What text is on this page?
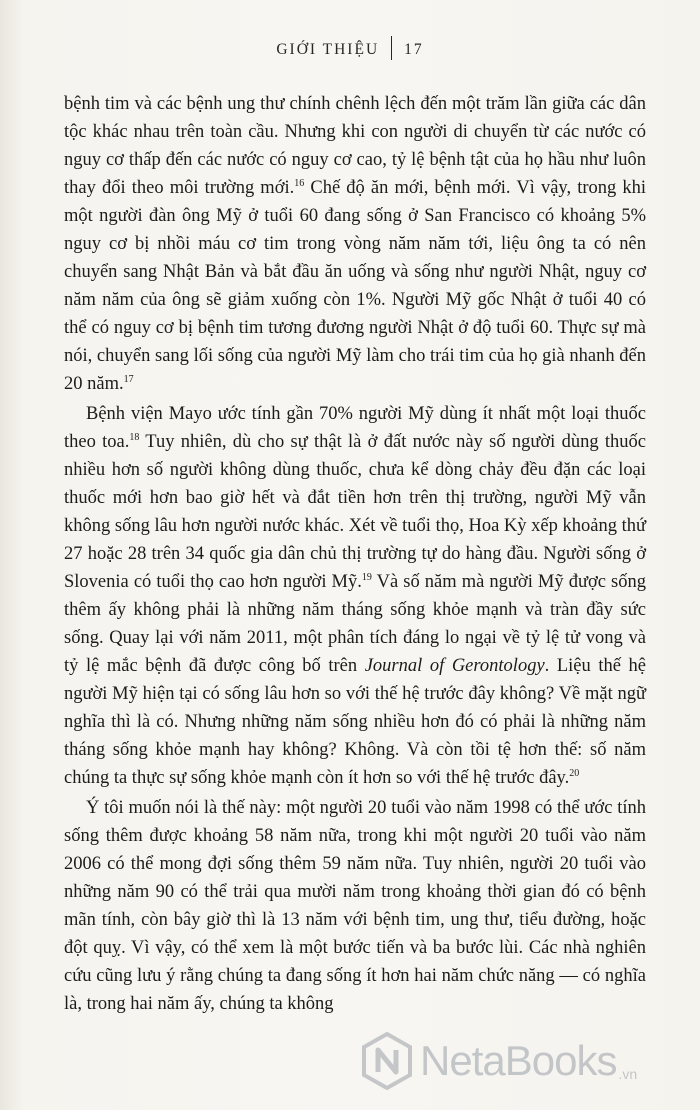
GIỚI THIỆU 17

bệnh tim và các bệnh ung thư chính chênh lệch đến một trăm lần giữa các dân tộc khác nhau trên toàn cầu. Nhưng khi con người di chuyển từ các nước có nguy cơ thấp đến các nước có nguy cơ cao, tỷ lệ bệnh tật của họ hầu như luôn thay đổi theo môi trường mới.$^{16}$ Chế độ ăn mới, bệnh mới. Vì vậy, trong khi một người đàn ông Mỹ ở tuổi 60 đang sống ở San Francisco có khoảng 5% nguy cơ bị nhồi máu cơ tim trong vòng năm năm tới, liệu ông ta có nên chuyển sang Nhật Bản và bắt đầu ăn uống và sống như người Nhật, nguy cơ năm năm của ông sẽ giảm xuống còn 1%. Người Mỹ gốc Nhật ở tuổi 40 có thể có nguy cơ bị bệnh tim tương đương người Nhật ở độ tuổi 60. Thực sự mà nói, chuyển sang lối sống của người Mỹ làm cho trái tim của họ già nhanh đến 20 năm.$^{17}$

Bệnh viện Mayo ước tính gần 70% người Mỹ dùng ít nhất một loại thuốc theo toa.$^{18}$ Tuy nhiên, dù cho sự thật là ở đất nước này số người dùng thuốc nhiều hơn số người không dùng thuốc, chưa kể dòng chảy đều đặn các loại thuốc mới hơn bao giờ hết và đắt tiền hơn trên thị trường, người Mỹ vẫn không sống lâu hơn người nước khác. Xét về tuổi thọ, Hoa Kỳ xếp khoảng thứ 27 hoặc 28 trên 34 quốc gia dân chủ thị trường tự do hàng đầu. Người sống ở Slovenia có tuổi thọ cao hơn người Mỹ.$^{19}$ Và số năm mà người Mỹ được sống thêm ấy không phải là những năm tháng sống khỏe mạnh và tràn đầy sức sống. Quay lại với năm 2011, một phân tích đáng lo ngại về tỷ lệ tử vong và tỷ lệ mắc bệnh đã được công bố trên Journal of Gerontology. Liệu thế hệ người Mỹ hiện tại có sống lâu hơn so với thế hệ trước đây không? Về mặt ngữ nghĩa thì là có. Nhưng những năm sống nhiều hơn đó có phải là những năm tháng sống khỏe mạnh hay không? Không. Và còn tồi tệ hơn thế: số năm chúng ta thực sự sống khỏe mạnh còn ít hơn so với thế hệ trước đây.$^{20}$

Ý tôi muốn nói là thế này: một người 20 tuổi vào năm 1998 có thể ước tính sống thêm được khoảng 58 năm nữa, trong khi một người 20 tuổi vào năm 2006 có thể mong đợi sống thêm 59 năm nữa. Tuy nhiên, người 20 tuổi vào những năm 90 có thể trải qua mười năm trong khoảng thời gian đó có bệnh mãn tính, còn bây giờ thì là 13 năm với bệnh tim, ung thư, tiểu đường, hoặc đột quỵ. Vì vậy, có thể xem là một bước tiến và ba bước lùi. Các nhà nghiên cứu cũng lưu ý rằng chúng ta đang sống ít hơn hai năm chức năng — có nghĩa là, trong hai năm ấy, chúng ta không

NetaBooks .vn
